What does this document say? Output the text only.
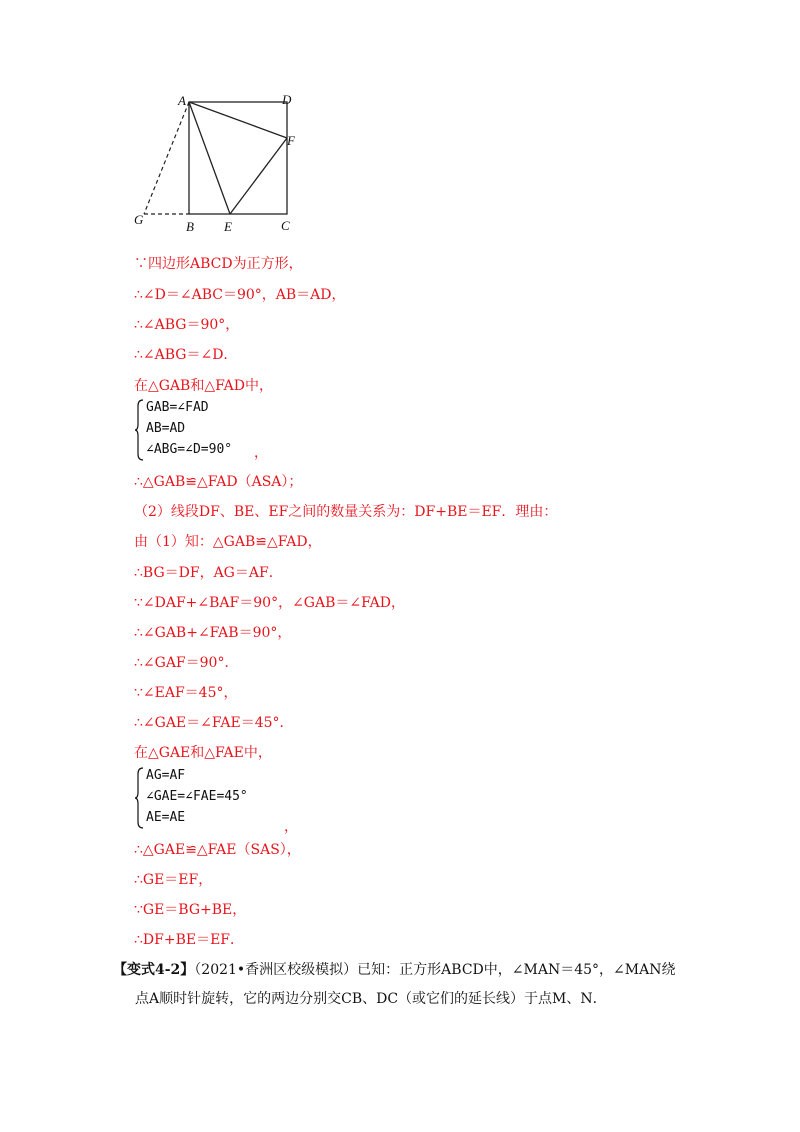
A	D
F
G	B E	C
∵四边形ABCD为正方形，
∴∠D＝∠ABC＝90°，AB＝AD，
∴∠ABG＝90°，
∴∠ABG＝∠D．
在△GAB和△FAD中，
GAB=∠FAD
AB=AD
∠ABG=∠D=90° ，
∴△GAB≌△FAD（ASA）；
（2）线段DF、BE、EF之间的数量关系为：DF+BE＝EF．理由：
由（1）知：△GAB≌△FAD，
∴BG＝DF，AG＝AF．
∵∠DAF+∠BAF＝90°，∠GAB＝∠FAD，
∴∠GAB+∠FAB＝90°，
∴∠GAF＝90°．
∵∠EAF＝45°，
∴∠GAE＝∠FAE＝45°．
在△GAE和△FAE中，
AG=AF
∠GAE=∠FAE=45°
AE=AE
，
∴△GAE≌△FAE（SAS），
∴GE＝EF，
∵GE＝BG+BE，
∴DF+BE＝EF．
【变式4-2】（2021•香洲区校级模拟）已知：正方形ABCD中，∠MAN＝45°，∠MAN绕
点A顺时针旋转，它的两边分别交CB、DC（或它们的延长线）于点M、N．
